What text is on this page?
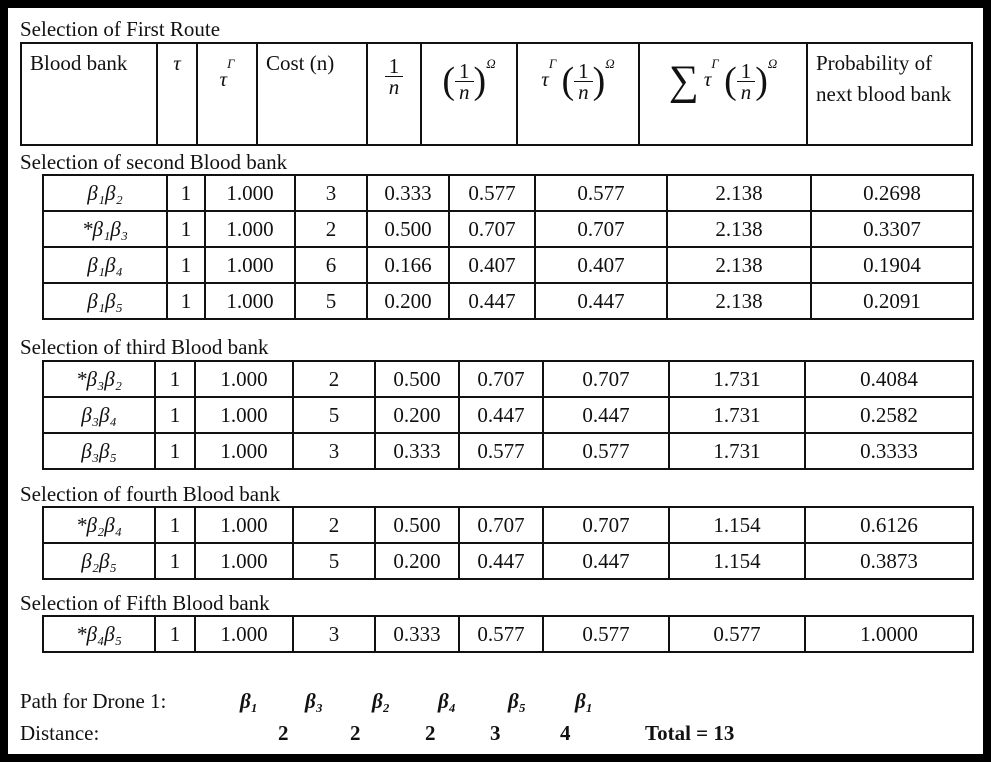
Selection of First Route
Blood bank	τ	$\tau^\Gamma$	Cost (n)	$\frac{1}{n}$	( $\frac{1}{n} )^\Omega$	$\tau^\Gamma$ ( $\frac{1}{n} )^\Omega$	∑ $\tau^\Gamma$ ( $\frac{1}{n} )^\Omega$	Probability of next blood bank
Selection of second Blood bank
β₁β₂	1	1.000	3	0.333	0.577	0.577	2.138	0.2698
*β₁β₃	1	1.000	2	0.500	0.707	0.707	2.138	0.3307
β₁β₄	1	1.000	6	0.166	0.407	0.407	2.138	0.1904
β₁β₅	1	1.000	5	0.200	0.447	0.447	2.138	0.2091
Selection of third Blood bank
*β₃β₂	1	1.000	2	0.500	0.707	0.707	1.731	0.4084
β₃β₄	1	1.000	5	0.200	0.447	0.447	1.731	0.2582
β₃β₅	1	1.000	3	0.333	0.577	0.577	1.731	0.3333
Selection of fourth Blood bank
*β₂β₄	1	1.000	2	0.500	0.707	0.707	1.154	0.6126
β₂β₅	1	1.000	5	0.200	0.447	0.447	1.154	0.3873
Selection of Fifth Blood bank
*β₄β₅	1	1.000	3	0.333	0.577	0.577	0.577	1.0000
Path for Drone 1:	β₁ β₃ β₂ β₄ β₅ β₁
Distance:	2	2	2	3	4	Total = 13
